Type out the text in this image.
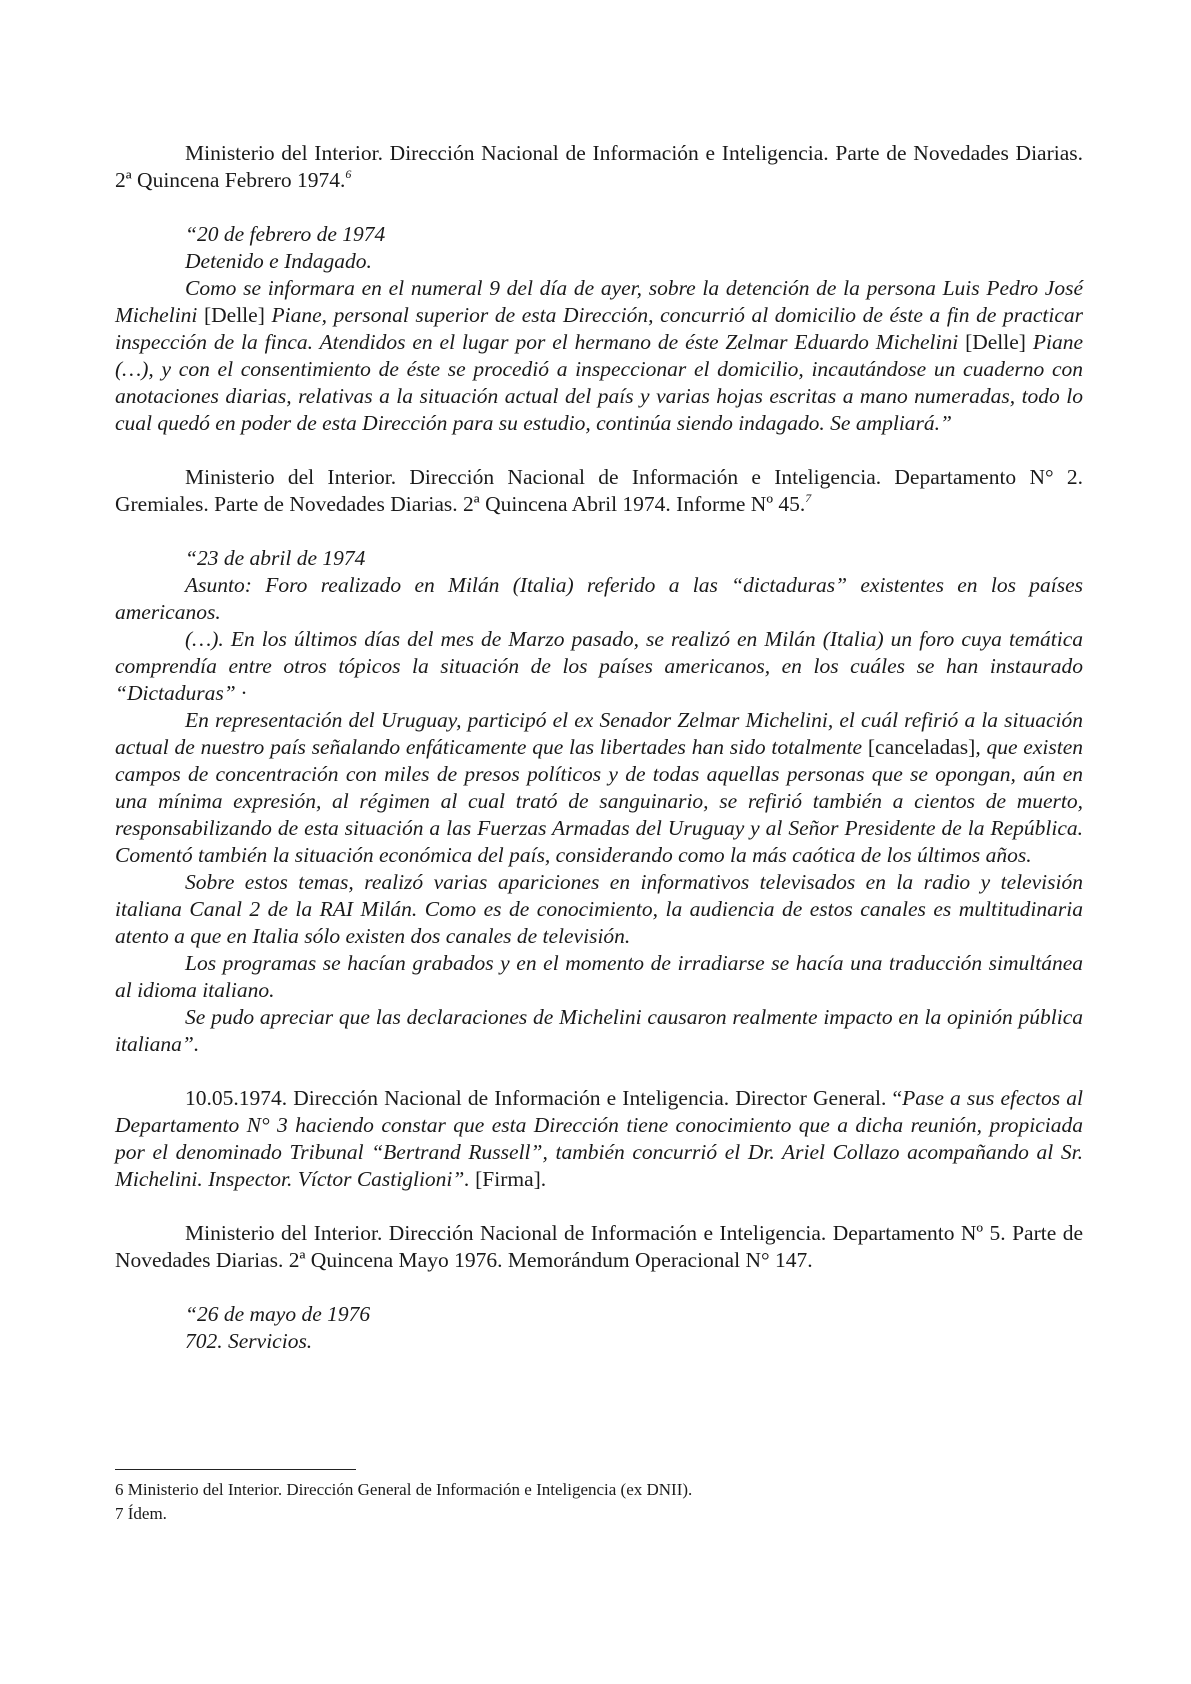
Ministerio del Interior. Dirección Nacional de Información e Inteligencia. Parte de Novedades Diarias. 2ª Quincena Febrero 1974.$^6$

“20 de febrero de 1974

Detenido e Indagado.

Como se informara en el numeral 9 del día de ayer, sobre la detención de la persona Luis Pedro José Michelini [Delle] Piane, personal superior de esta Dirección, concurrió al domicilio de éste a fin de practicar inspección de la finca. Atendidos en el lugar por el hermano de éste Zelmar Eduardo Michelini [Delle] Piane (…), y con el consentimiento de éste se procedió a inspeccionar el domicilio, incautándose un cuaderno con anotaciones diarias, relativas a la situación actual del país y varias hojas escritas a mano numeradas, todo lo cual quedó en poder de esta Dirección para su estudio, continúa siendo indagado. Se ampliará.”

Ministerio del Interior. Dirección Nacional de Información e Inteligencia. Departamento N° 2. Gremiales. Parte de Novedades Diarias. 2ª Quincena Abril 1974. Informe Nº 45.$^7$

“23 de abril de 1974

Asunto: Foro realizado en Milán (Italia) referido a las “dictaduras” existentes en los países americanos.

(…). En los últimos días del mes de Marzo pasado, se realizó en Milán (Italia) un foro cuya temática comprendía entre otros tópicos la situación de los países americanos, en los cuáles se han instaurado “Dictaduras” ·

En representación del Uruguay, participó el ex Senador Zelmar Michelini, el cuál refirió a la situación actual de nuestro país señalando enfáticamente que las libertades han sido totalmente [canceladas], que existen campos de concentración con miles de presos políticos y de todas aquellas personas que se opongan, aún en una mínima expresión, al régimen al cual trató de sanguinario, se refirió también a cientos de muerto, responsabilizando de esta situación a las Fuerzas Armadas del Uruguay y al Señor Presidente de la República. Comentó también la situación económica del país, considerando como la más caótica de los últimos años.

Sobre estos temas, realizó varias apariciones en informativos televisados en la radio y televisión italiana Canal 2 de la RAI Milán. Como es de conocimiento, la audiencia de estos canales es multitudinaria atento a que en Italia sólo existen dos canales de televisión.

Los programas se hacían grabados y en el momento de irradiarse se hacía una traducción simultánea al idioma italiano.

Se pudo apreciar que las declaraciones de Michelini causaron realmente impacto en la opinión pública italiana”.

10.05.1974. Dirección Nacional de Información e Inteligencia. Director General. “Pase a sus efectos al Departamento N° 3 haciendo constar que esta Dirección tiene conocimiento que a dicha reunión, propiciada por el denominado Tribunal “Bertrand Russell”, también concurrió el Dr. Ariel Collazo acompañando al Sr. Michelini. Inspector. Víctor Castiglioni”. [Firma].

Ministerio del Interior. Dirección Nacional de Información e Inteligencia. Departamento Nº 5. Parte de Novedades Diarias. 2ª Quincena Mayo 1976. Memorándum Operacional N° 147.

“26 de mayo de 1976

702. Servicios.

6 Ministerio del Interior. Dirección General de Información e Inteligencia (ex DNII).

7 Ídem.
